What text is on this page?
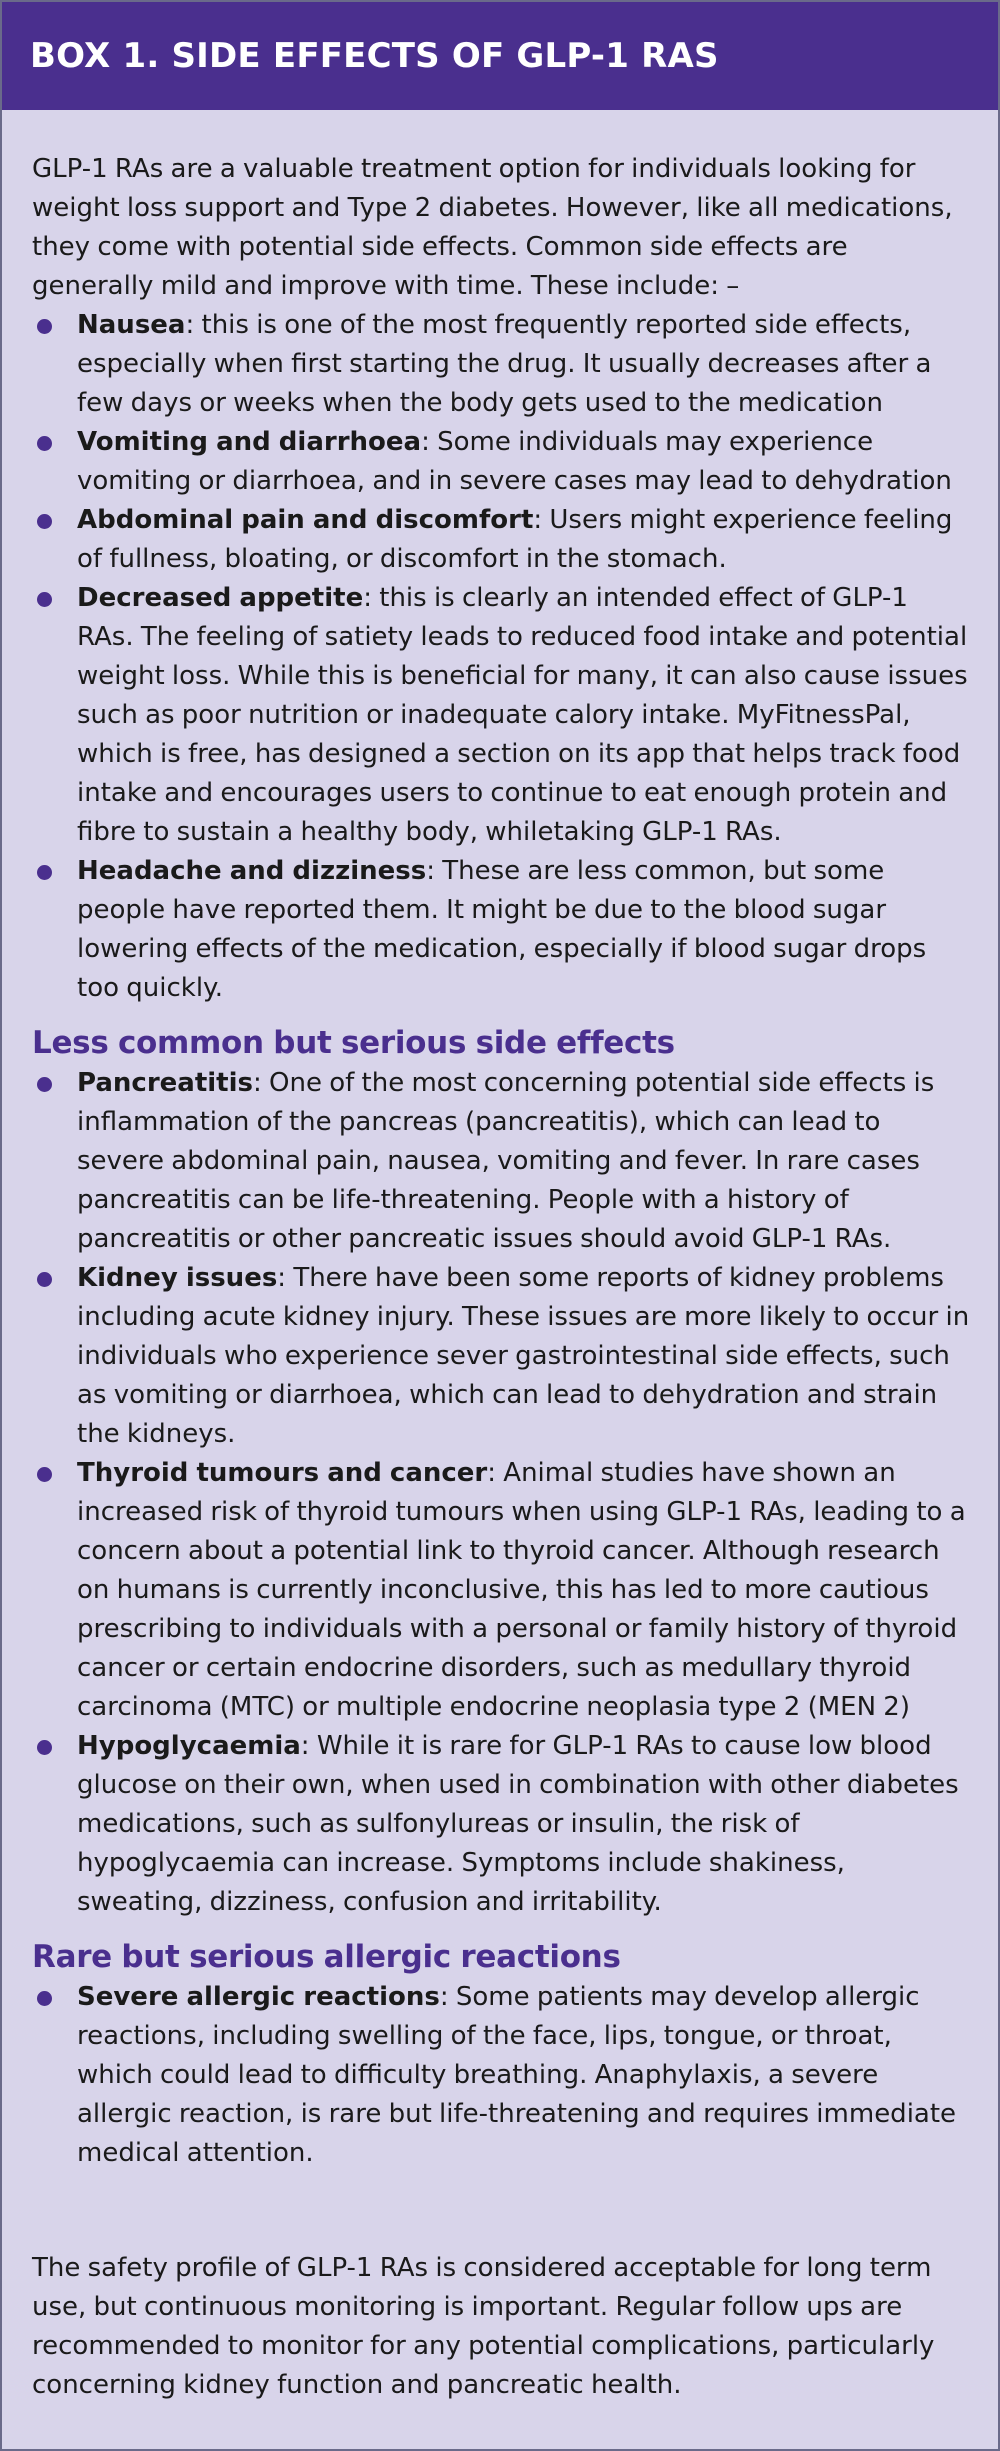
BOX 1. SIDE EFFECTS OF GLP-1 RAS

GLP-1 RAs are a valuable treatment option for individuals looking for weight loss support and Type 2 diabetes. However, like all medications, they come with potential side effects. Common side effects are generally mild and improve with time. These include: –

Nausea: this is one of the most frequently reported side effects, especially when first starting the drug. It usually decreases after a few days or weeks when the body gets used to the medication
Vomiting and diarrhoea: Some individuals may experience vomiting or diarrhoea, and in severe cases may lead to dehydration
Abdominal pain and discomfort: Users might experience feeling of fullness, bloating, or discomfort in the stomach.
Decreased appetite: this is clearly an intended effect of GLP-1 RAs. The feeling of satiety leads to reduced food intake and potential weight loss. While this is beneficial for many, it can also cause issues such as poor nutrition or inadequate calory intake. MyFitnessPal, which is free, has designed a section on its app that helps track food intake and encourages users to continue to eat enough protein and fibre to sustain a healthy body, whiletaking GLP-1 RAs.
Headache and dizziness: These are less common, but some people have reported them. It might be due to the blood sugar lowering effects of the medication, especially if blood sugar drops too quickly.
Less common but serious side effects
Pancreatitis: One of the most concerning potential side effects is inflammation of the pancreas (pancreatitis), which can lead to severe abdominal pain, nausea, vomiting and fever. In rare cases pancreatitis can be life-threatening. People with a history of pancreatitis or other pancreatic issues should avoid GLP-1 RAs.
Kidney issues: There have been some reports of kidney problems including acute kidney injury. These issues are more likely to occur in individuals who experience sever gastrointestinal side effects, such as vomiting or diarrhoea, which can lead to dehydration and strain the kidneys.
Thyroid tumours and cancer: Animal studies have shown an increased risk of thyroid tumours when using GLP-1 RAs, leading to a concern about a potential link to thyroid cancer. Although research on humans is currently inconclusive, this has led to more cautious prescribing to individuals with a personal or family history of thyroid cancer or certain endocrine disorders, such as medullary thyroid carcinoma (MTC) or multiple endocrine neoplasia type 2 (MEN 2)
Hypoglycaemia: While it is rare for GLP-1 RAs to cause low blood glucose on their own, when used in combination with other diabetes medications, such as sulfonylureas or insulin, the risk of hypoglycaemia can increase. Symptoms include shakiness, sweating, dizziness, confusion and irritability.
Rare but serious allergic reactions
Severe allergic reactions: Some patients may develop allergic reactions, including swelling of the face, lips, tongue, or throat, which could lead to difficulty breathing. Anaphylaxis, a severe allergic reaction, is rare but life-threatening and requires immediate medical attention.

The safety profile of GLP-1 RAs is considered acceptable for long term use, but continuous monitoring is important. Regular follow ups are recommended to monitor for any potential complications, particularly concerning kidney function and pancreatic health.
